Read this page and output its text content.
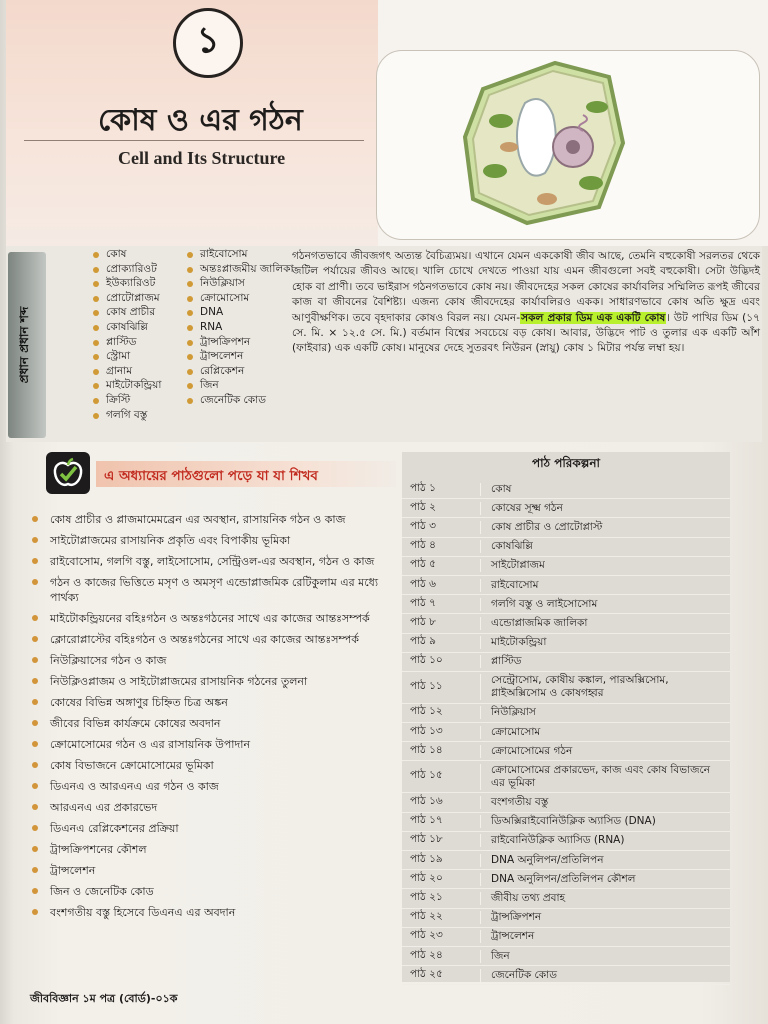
১
কোষ ও এর গঠন
Cell and Its Structure
প্রধান প্রধান শব্দ
কোষ
প্রোক্যারিওট
ইউক্যারিওট
প্রোটোপ্লাজম
কোষ প্রাচীর
কোষঝিল্লি
প্লাস্টিড
স্ট্রোমা
গ্রানাম
মাইটোকন্ড্রিয়া
ক্রিস্টি
গলগি বস্তু
রাইবোসোম
অন্তঃপ্লাজমীয় জালিকা
নিউক্লিয়াস
ক্রোমোসোম
DNA
RNA
ট্রান্সক্রিপশন
ট্রান্সলেশন
রেপ্লিকেশন
জিন
জেনেটিক কোড

গঠনগতভাবে জীবজগৎ অত্যন্ত বৈচিত্র্যময়। এখানে যেমন এককোষী জীব আছে, তেমনি বহুকোষী সরলতর থেকে জটিল পর্যায়ের জীবও আছে। খালি চোখে দেখতে পাওয়া যায় এমন জীবগুলো সবই বহুকোষী। সেটা উদ্ভিদই হোক বা প্রাণী। তবে ভাইরাস গঠনগতভাবে কোষ নয়। জীবদেহের সকল কোষের কার্যাবলির সম্মিলিত রূপই জীবের কাজ বা জীবনের বৈশিষ্ট্য। এজন্য কোষ জীবদেহের কার্যাবলিরও একক। সাধারণভাবে কোষ অতি ক্ষুদ্র এবং আণুবীক্ষণিক। তবে বৃহদাকার কোষও বিরল নয়। যেমন-সকল প্রকার ডিম এক একটি কোষ। উট পাখির ডিম (১৭ সে. মি. × ১২.৫ সে. মি.) বর্তমান বিশ্বের সবচেয়ে বড় কোষ। আবার, উদ্ভিদে পাট ও তুলার এক একটি আঁশ (ফাইবার) এক একটি কোষ। মানুষের দেহে সুতরবৎ নিউরন (স্নায়ু) কোষ ১ মিটার পর্যন্ত লম্বা হয়।

এ অধ্যায়ের পাঠগুলো পড়ে যা যা শিখব
কোষ প্রাচীর ও প্লাজমামেমব্রেন এর অবস্থান, রাসায়নিক গঠন ও কাজ
সাইটোপ্লাজমের রাসায়নিক প্রকৃতি এবং বিপাকীয় ভূমিকা
রাইবোসোম, গলগি বস্তু, লাইসোসোম, সেন্ট্রিওল-এর অবস্থান, গঠন ও কাজ
গঠন ও কাজের ভিত্তিতে মসৃণ ও অমসৃণ এন্ডোপ্লাজমিক রেটিকুলাম এর মধ্যে পার্থক্য
মাইটোকন্ড্রিয়নের বহিঃগঠন ও অন্তঃগঠনের সাথে এর কাজের আন্তঃসম্পর্ক
ক্লোরোপ্লাস্টের বহিঃগঠন ও অন্তঃগঠনের সাথে এর কাজের আন্তঃসম্পর্ক
নিউক্লিয়াসের গঠন ও কাজ
নিউক্লিওপ্লাজম ও সাইটোপ্লাজমের রাসায়নিক গঠনের তুলনা
কোষের বিভিন্ন অঙ্গাণুর চিহ্নিত চিত্র অঙ্কন
জীবের বিভিন্ন কার্যক্রমে কোষের অবদান
ক্রোমোসোমের গঠন ও এর রাসায়নিক উপাদান
কোষ বিভাজনে ক্রোমোসোমের ভূমিকা
ডিএনএ ও আরএনএ এর গঠন ও কাজ
আরএনএ এর প্রকারভেদ
ডিএনএ রেপ্লিকেশনের প্রক্রিয়া
ট্রান্সক্রিপশনের কৌশল
ট্রান্সলেশন
জিন ও জেনেটিক কোড
বংশগতীয় বস্তু হিসেবে ডিএনএ এর অবদান
পাঠ পরিকল্পনা
পাঠ ১	কোষ
পাঠ ২	কোষের সূক্ষ্ম গঠন
পাঠ ৩	কোষ প্রাচীর ও প্রোটোপ্লাস্ট
পাঠ ৪	কোষঝিল্লি
পাঠ ৫	সাইটোপ্লাজম
পাঠ ৬	রাইবোসোম
পাঠ ৭	গলগি বস্তু ও লাইসোসোম
পাঠ ৮	এন্ডোপ্লাজমিক জালিকা
পাঠ ৯	মাইটোকন্ড্রিয়া
পাঠ ১০	প্লাস্টিড
পাঠ ১১	সেন্ট্রোসোম, কোষীয় কঙ্কাল, পারঅক্সিসোম, গ্লাইঅক্সিসোম ও কোষগহ্বর
পাঠ ১২	নিউক্লিয়াস
পাঠ ১৩	ক্রোমোসোম
পাঠ ১৪	ক্রোমোসোমের গঠন
পাঠ ১৫	ক্রোমোসোমের প্রকারভেদ, কাজ এবং কোষ বিভাজনে এর ভূমিকা
পাঠ ১৬	বংশগতীয় বস্তু
পাঠ ১৭	ডিঅক্সিরাইবোনিউক্লিক অ্যাসিড (DNA)
পাঠ ১৮	রাইবোনিউক্লিক অ্যাসিড (RNA)
পাঠ ১৯	DNA অনুলিপন/প্রতিলিপন
পাঠ ২০	DNA অনুলিপন/প্রতিলিপন কৌশল
পাঠ ২১	জীবীয় তথ্য প্রবাহ
পাঠ ২২	ট্রান্সক্রিপশন
পাঠ ২৩	ট্রান্সলেশন
পাঠ ২৪	জিন
পাঠ ২৫	জেনেটিক কোড
জীববিজ্ঞান ১ম পত্র (বোর্ড)-০১ক
